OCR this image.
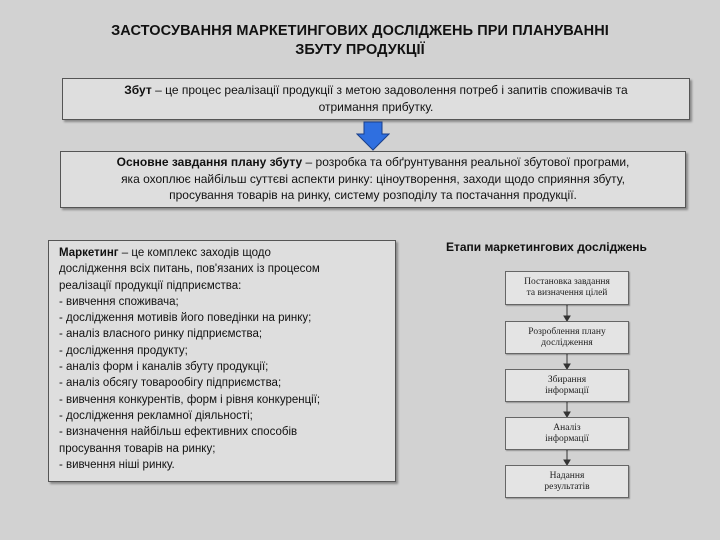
ЗАСТОСУВАННЯ МАРКЕТИНГОВИХ ДОСЛІДЖЕНЬ ПРИ ПЛАНУВАННІ
ЗБУТУ ПРОДУКЦІЇ
Збут – це процес реалізації продукції з метою задоволення потреб і запитів споживачів та
отримання прибутку.
Основне завдання плану збуту – розробка та обґрунтування реальної збутової програми,
яка охоплює найбільш суттєві аспекти ринку: ціноутворення, заходи щодо сприяння збуту,
просування товарів на ринку, систему розподілу та постачання продукції.
Маркетинг – це комплекс заходів щодо
дослідження всіх питань, пов'язаних із процесом
реалізації продукції підприємства:
- вивчення споживача;
- дослідження мотивів його поведінки на ринку;
- аналіз власного ринку підприємства;
- дослідження продукту;
- аналіз форм і каналів збуту продукції;
- аналіз обсягу товарообігу підприємства;
- вивчення конкурентів, форм і рівня конкуренції;
- дослідження рекламної діяльності;
- визначення найбільш ефективних способів
просування товарів на ринку;
- вивчення ніші ринку.
Етапи маркетингових досліджень
Постановка завдання
та визначення цілей
Розроблення плану
дослідження
Збирання
інформації
Аналіз
інформації
Надання
результатів
